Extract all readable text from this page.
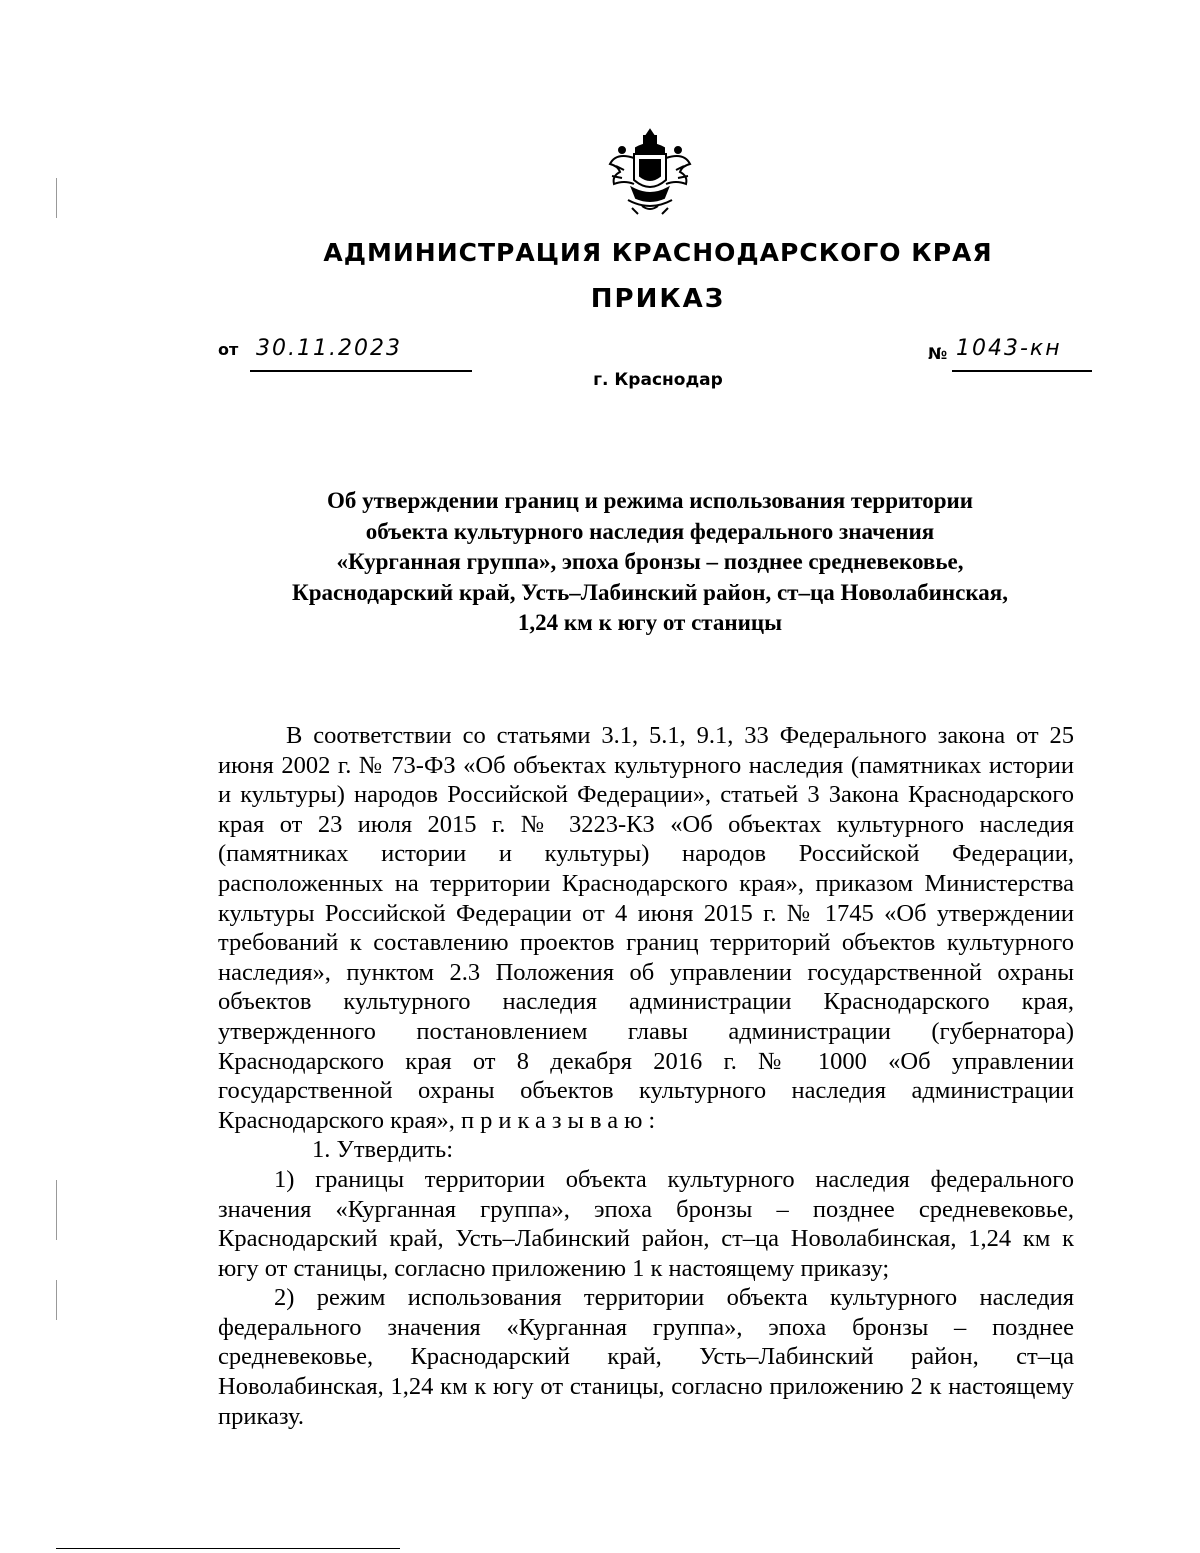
АДМИНИСТРАЦИЯ КРАСНОДАРСКОГО КРАЯ
ПРИКАЗ
от 30.11.2023	№ 1043-кн
г. Краснодар
Об утверждении границ и режима использования территории
объекта культурного наследия федерального значения
«Курганная группа», эпоха бронзы – позднее средневековье,
Краснодарский край, Усть–Лабинский район, ст–ца Новолабинская,
1,24 км к югу от станицы

В соответствии со статьями 3.1, 5.1, 9.1, 33 Федерального закона от 25 июня 2002 г. № 73-ФЗ «Об объектах культурного наследия (памятниках истории и культуры) народов Российской Федерации», статьей 3 Закона Краснодарского края от 23 июля 2015 г. № 3223-КЗ «Об объектах культурного наследия (памятниках истории и культуры) народов Российской Федерации, расположенных на территории Краснодарского края», приказом Министерства культуры Российской Федерации от 4 июня 2015 г. № 1745 «Об утверждении требований к составлению проектов границ территорий объектов культурного наследия», пунктом 2.3 Положения об управлении государственной охраны объектов культурного наследия администрации Краснодарского края, утвержденного постановлением главы администрации (губернатора) Краснодарского края от 8 декабря 2016 г. № 1000 «Об управлении государственной охраны объектов культурного наследия администрации Краснодарского края», приказываю:

1. Утвердить:

1) границы территории объекта культурного наследия федерального значения «Курганная группа», эпоха бронзы – позднее средневековье, Краснодарский край, Усть–Лабинский район, ст–ца Новолабинская, 1,24 км к югу от станицы, согласно приложению 1 к настоящему приказу;

2) режим использования территории объекта культурного наследия федерального значения «Курганная группа», эпоха бронзы – позднее средневековье, Краснодарский край, Усть–Лабинский район, ст–ца Новолабинская, 1,24 км к югу от станицы, согласно приложению 2 к настоящему приказу.
